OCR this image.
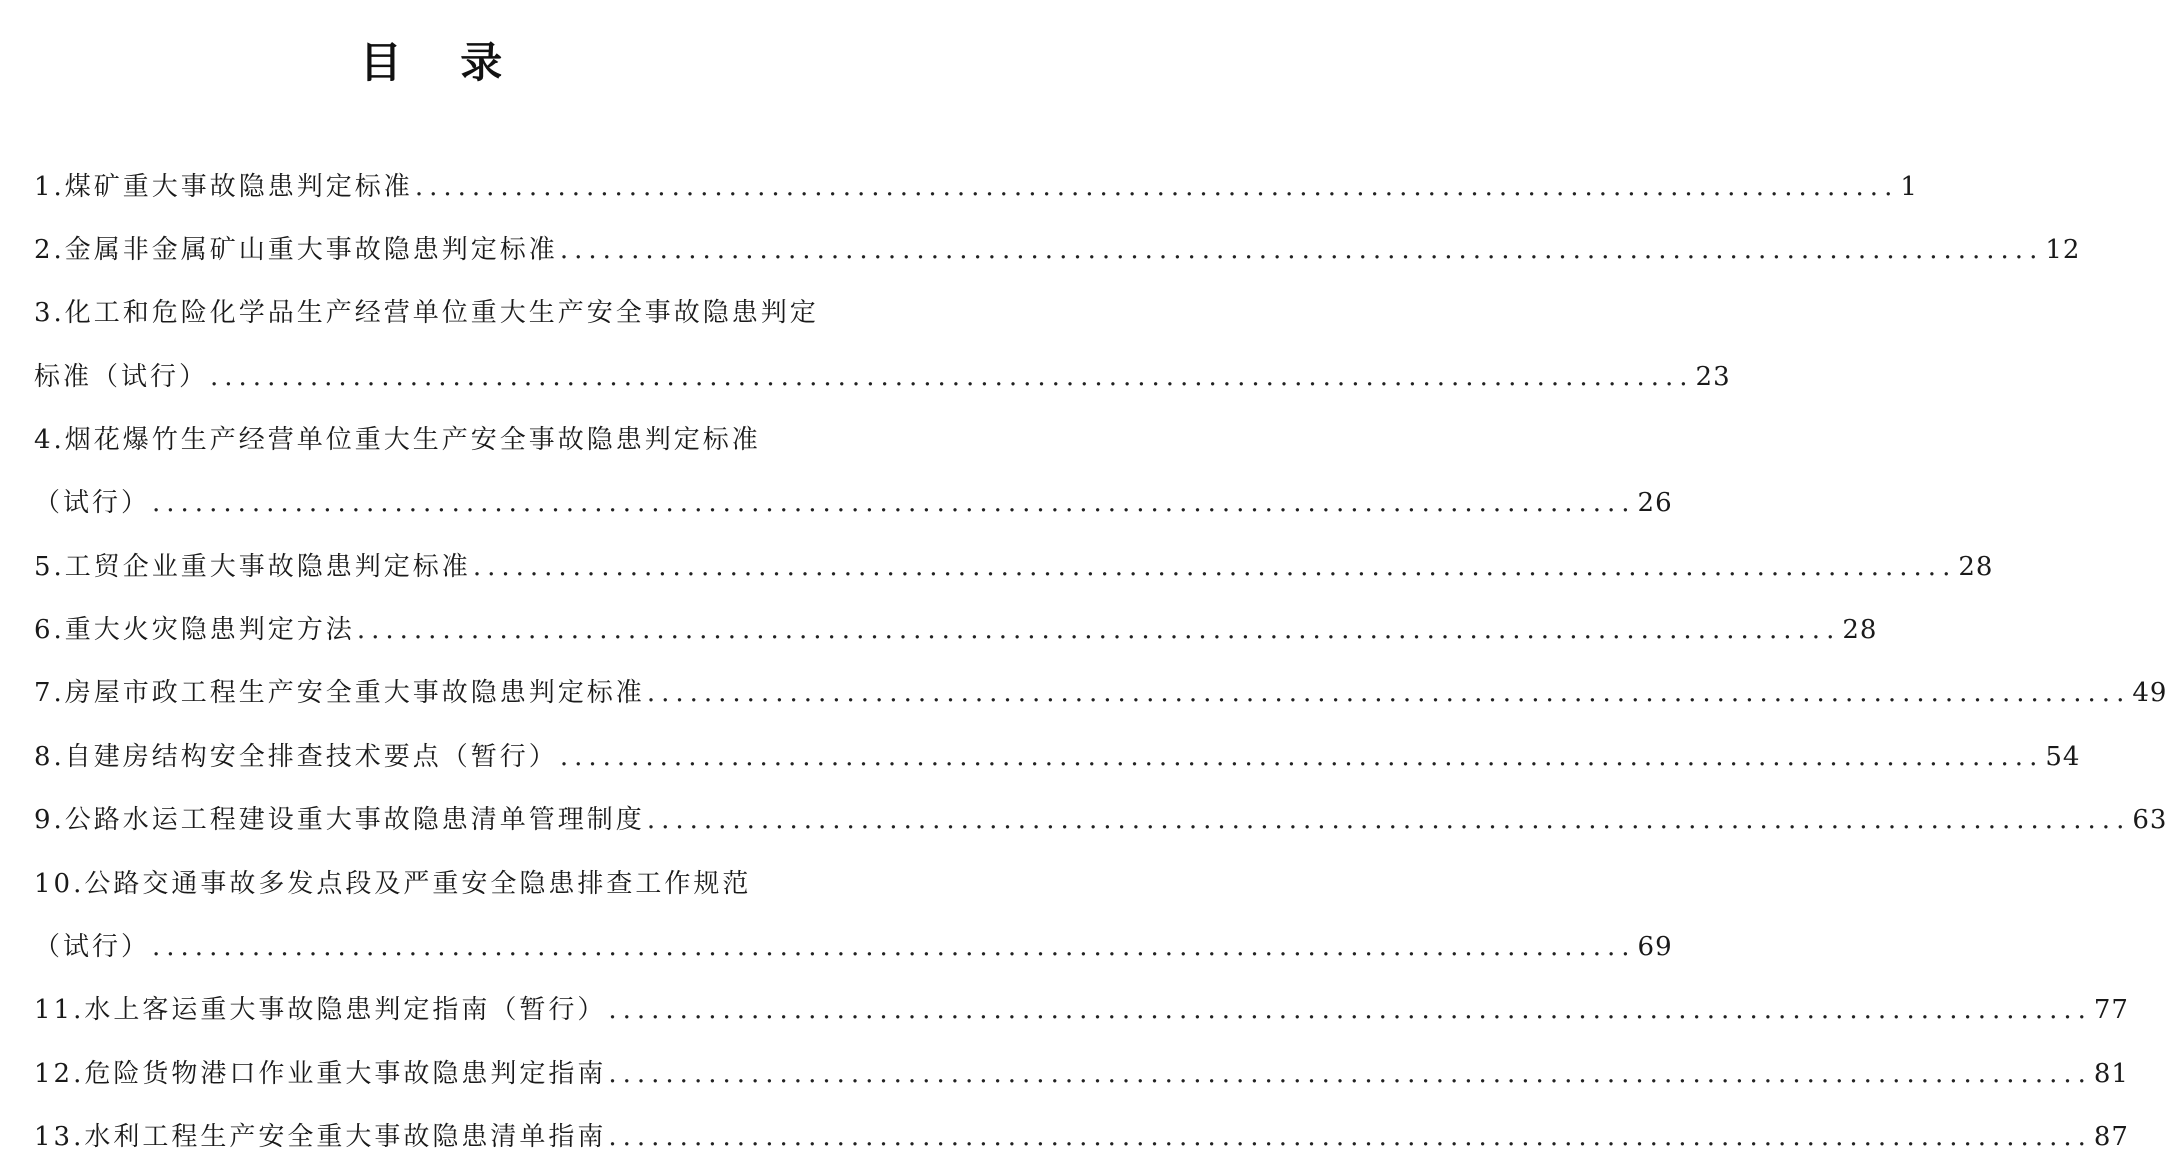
目 录
1.煤矿重大事故隐患判定标准 ........................................................................................................ 1
2.金属非金属矿山重大事故隐患判定标准 ........................................................................................................ 12
3.化工和危险化学品生产经营单位重大生产安全事故隐患判定
标准（试行） ........................................................................................................ 23
4.烟花爆竹生产经营单位重大生产安全事故隐患判定标准
（试行） ........................................................................................................ 26
5.工贸企业重大事故隐患判定标准 ........................................................................................................ 28
6.重大火灾隐患判定方法 ........................................................................................................ 28
7.房屋市政工程生产安全重大事故隐患判定标准 ........................................................................................................ 49
8.自建房结构安全排查技术要点（暂行） ........................................................................................................ 54
9.公路水运工程建设重大事故隐患清单管理制度 ........................................................................................................ 63
10.公路交通事故多发点段及严重安全隐患排查工作规范
（试行） ........................................................................................................ 69
11.水上客运重大事故隐患判定指南（暂行） ........................................................................................................ 77
12.危险货物港口作业重大事故隐患判定指南 ........................................................................................................ 81
13.水利工程生产安全重大事故隐患清单指南 ........................................................................................................ 87
